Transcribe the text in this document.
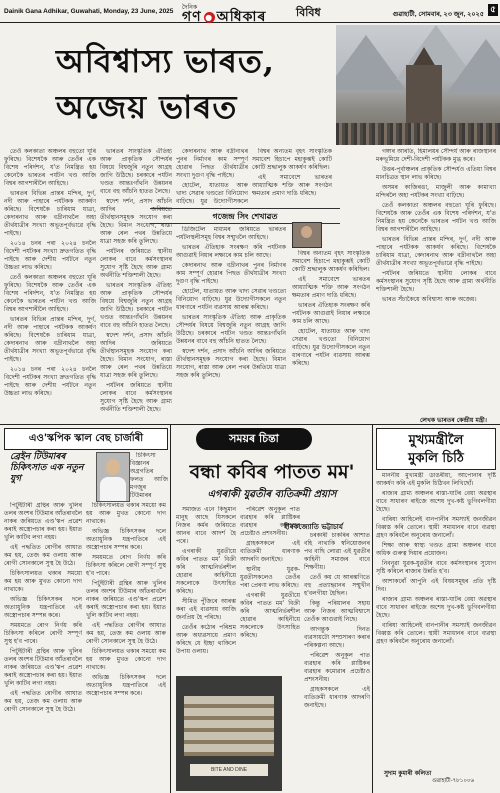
Dainik Gana Adhikar, Guwahati, Monday, 23 June, 2025
দৈনিক
গণ ● অধিকাৰ	বিবিধ	গুৱাহাটী, সোমবাৰ, ২৩ জুন, ২০২৫ ৫
অবিশ্বাস্য ভাৰত,
অজেয় ভাৰত

তেওঁ কলকাতা অঞ্চলৰ বহুতো ঘূৰি ফুৰিছে। বিশেষকৈ আৰু তেওঁৰ এক বিশেষ পৰিৰ্দশন, য'ত নিমন্ত্ৰিত হয় কেনেকৈ ভাৰতৰ পৰ্যটন খণ্ড আজি বিশ্বৰ আগশাৰীলৈ আহিছে।

ভাৰতৰ বিভিন্ন প্ৰান্তৰ মন্দিৰ, দুৰ্গ, নদী আৰু পাহাৰে পৰ্যটকক আকৰ্ষণ কৰিছে। বিশেষকৈ চাৰিধাম যাত্ৰা, কেদাৰনাথ আৰু বদ্ৰীনাথলৈ অহা তীৰ্থযাত্ৰীৰ সংখ্যা অভূতপূৰ্বভাৱে বৃদ্ধি পাইছে।

২০১৪ চনৰ পৰা ২০২৪ চনলৈ বিদেশী পৰ্যটকৰ সংখ্যা দ্ৰুতগতিত বৃদ্ধি পাইছে আৰু দেশীয় পৰ্যটনে নতুন উচ্চতা লাভ কৰিছে।

তেওঁ কলকাতা অঞ্চলৰ বহুতো ঘূৰি ফুৰিছে। বিশেষকৈ আৰু তেওঁৰ এক বিশেষ পৰিৰ্দশন, য'ত নিমন্ত্ৰিত হয় কেনেকৈ ভাৰতৰ পৰ্যটন খণ্ড আজি বিশ্বৰ আগশাৰীলৈ আহিছে।

ভাৰতৰ বিভিন্ন প্ৰান্তৰ মন্দিৰ, দুৰ্গ, নদী আৰু পাহাৰে পৰ্যটকক আকৰ্ষণ কৰিছে। বিশেষকৈ চাৰিধাম যাত্ৰা, কেদাৰনাথ আৰু বদ্ৰীনাথলৈ অহা তীৰ্থযাত্ৰীৰ সংখ্যা অভূতপূৰ্বভাৱে বৃদ্ধি পাইছে।

২০১৪ চনৰ পৰা ২০২৪ চনলৈ বিদেশী পৰ্যটকৰ সংখ্যা দ্ৰুতগতিত বৃদ্ধি পাইছে আৰু দেশীয় পৰ্যটনে নতুন উচ্চতা লাভ কৰিছে।

ভাৰতৰ সাংস্কৃতিক ঐতিহ্য আৰু প্ৰাকৃতিক সৌন্দৰ্যৰ বিষয়ে বিশ্বজুৰি নতুন আগ্ৰহ জাগি উঠিছে। চৰকাৰে পৰ্যটন খণ্ডত আন্তঃগাঁথনি উন্নয়নৰ বাবে বহু আঁচনি হাতত লৈছে।

স্বদেশ দৰ্শন, প্ৰসাদ আঁচনি আদিৰ জৰিয়তে তীৰ্থস্থানসমূহক সংযোগ কৰা হৈছে। বিমান সংযোগ, ৰাস্তা আৰু ৰেল পথৰ উন্নতিয়ে যাত্ৰা সহজ কৰি তুলিছে।

পৰ্যটনৰ জৰিয়তে স্থানীয় লোকৰ বাবে কৰ্মসংস্থানৰ সুযোগ সৃষ্টি হৈছে আৰু গ্ৰাম্য অৰ্থনীতি শক্তিশালী হৈছে।

ভাৰতৰ সাংস্কৃতিক ঐতিহ্য আৰু প্ৰাকৃতিক সৌন্দৰ্যৰ বিষয়ে বিশ্বজুৰি নতুন আগ্ৰহ জাগি উঠিছে। চৰকাৰে পৰ্যটন খণ্ডত আন্তঃগাঁথনি উন্নয়নৰ বাবে বহু আঁচনি হাতত লৈছে।

স্বদেশ দৰ্শন, প্ৰসাদ আঁচনি আদিৰ জৰিয়তে তীৰ্থস্থানসমূহক সংযোগ কৰা হৈছে। বিমান সংযোগ, ৰাস্তা আৰু ৰেল পথৰ উন্নতিয়ে যাত্ৰা সহজ কৰি তুলিছে।

পৰ্যটনৰ জৰিয়তে স্থানীয় লোকৰ বাবে কৰ্মসংস্থানৰ সুযোগ সৃষ্টি হৈছে আৰু গ্ৰাম্য অৰ্থনীতি শক্তিশালী হৈছে।

কেদাৰনাথ আৰু বদ্ৰীনাথৰ পুনৰ নিৰ্মাণৰ কাম সম্পূৰ্ণ হোৱাৰ পিছত তীৰ্থযাত্ৰীৰ সংখ্যা দুগুণ বৃদ্ধি পাইছে।

হোটেল, যাতায়ত আৰু খাদ্য সেৱাৰ খণ্ডতো বিনিয়োগ বাঢ়িছে। যুৱ উদ্যোগীসকলে

বিশ্বৰ অন্যতম বৃহৎ সাংস্কৃতিক সমাবেশ হিচাপে মহাকুম্ভই কোটি কোটি শ্ৰদ্ধালুক আকৰ্ষণ কৰিছিল।

এই সমাবেশে ভাৰতৰ আধ্যাত্মিক শক্তি আৰু সংগঠন ক্ষমতাৰ প্ৰমাণ দাঙি ধৰিছে।

গজেন্দ্ৰ সিং শেখাৱত

ডিজিটেল মাধ্যমৰ জৰিয়তে ভাৰতৰ পৰ্যটনস্থলীসমূহ বিশ্বৰ সন্মুখলৈ আহিছে।

ভাৰতৰ ঐতিহ্যক সংৰক্ষণ কৰি পৰ্যটনক আগুৱাই নিয়াৰ লক্ষ্যৰে কাম চলি আছে।

কেদাৰনাথ আৰু বদ্ৰীনাথৰ পুনৰ নিৰ্মাণৰ কাম সম্পূৰ্ণ হোৱাৰ পিছত তীৰ্থযাত্ৰীৰ সংখ্যা দুগুণ বৃদ্ধি পাইছে।

হোটেল, যাতায়ত আৰু খাদ্য সেৱাৰ খণ্ডতো বিনিয়োগ বাঢ়িছে। যুৱ উদ্যোগীসকলে নতুন ধাৰণাৰে পৰ্যটন ব্যৱসায় আৰম্ভ কৰিছে।

ভাৰতৰ সাংস্কৃতিক ঐতিহ্য আৰু প্ৰাকৃতিক সৌন্দৰ্যৰ বিষয়ে বিশ্বজুৰি নতুন আগ্ৰহ জাগি উঠিছে। চৰকাৰে পৰ্যটন খণ্ডত আন্তঃগাঁথনি উন্নয়নৰ বাবে বহু আঁচনি হাতত লৈছে।

স্বদেশ দৰ্শন, প্ৰসাদ আঁচনি আদিৰ জৰিয়তে তীৰ্থস্থানসমূহক সংযোগ কৰা হৈছে। বিমান সংযোগ, ৰাস্তা আৰু ৰেল পথৰ উন্নতিয়ে যাত্ৰা সহজ কৰি তুলিছে।

বিশ্বৰ অন্যতম বৃহৎ সাংস্কৃতিক সমাবেশ হিচাপে মহাকুম্ভই কোটি কোটি শ্ৰদ্ধালুক আকৰ্ষণ কৰিছিল।

এই সমাবেশে ভাৰতৰ আধ্যাত্মিক শক্তি আৰু সংগঠন ক্ষমতাৰ প্ৰমাণ দাঙি ধৰিছে।

ভাৰতৰ ঐতিহ্যক সংৰক্ষণ কৰি পৰ্যটনক আগুৱাই নিয়াৰ লক্ষ্যৰে কাম চলি আছে।

হোটেল, যাতায়ত আৰু খাদ্য সেৱাৰ খণ্ডতো বিনিয়োগ বাঢ়িছে। যুৱ উদ্যোগীসকলে নতুন ধাৰণাৰে পৰ্যটন ব্যৱসায় আৰম্ভ কৰিছে।

গঙ্গাৰ আৰতি, হিমালয়ৰ সৌন্দৰ্য আৰু ৰাজস্থানৰ মৰুভূমিয়ে দেশী-বিদেশী পৰ্যটকক মুগ্ধ কৰে।

উত্তৰ-পূৰ্বাঞ্চলৰ প্ৰাকৃতিক সৌন্দৰ্যও এতিয়া বিশ্বৰ মানচিত্ৰত স্থান লাভ কৰিছে।

অসমৰ কাজিৰঙা, মাজুলী আৰু কামাখ্যা মন্দিৰলৈ অহা পৰ্যটকৰ সংখ্যা বাঢ়িছে।

তেওঁ কলকাতা অঞ্চলৰ বহুতো ঘূৰি ফুৰিছে। বিশেষকৈ আৰু তেওঁৰ এক বিশেষ পৰিৰ্দশন, য'ত নিমন্ত্ৰিত হয় কেনেকৈ ভাৰতৰ পৰ্যটন খণ্ড আজি বিশ্বৰ আগশাৰীলৈ আহিছে।

ভাৰতৰ বিভিন্ন প্ৰান্তৰ মন্দিৰ, দুৰ্গ, নদী আৰু পাহাৰে পৰ্যটকক আকৰ্ষণ কৰিছে। বিশেষকৈ চাৰিধাম যাত্ৰা, কেদাৰনাথ আৰু বদ্ৰীনাথলৈ অহা তীৰ্থযাত্ৰীৰ সংখ্যা অভূতপূৰ্বভাৱে বৃদ্ধি পাইছে।

পৰ্যটনৰ জৰিয়তে স্থানীয় লোকৰ বাবে কৰ্মসংস্থানৰ সুযোগ সৃষ্টি হৈছে আৰু গ্ৰাম্য অৰ্থনীতি শক্তিশালী হৈছে।

ভাৰত সঁচাকৈয়ে অবিশ্বাস্য আৰু অজেয়।

লেখক ভাৰতৰ কেন্দ্ৰীয় মন্ত্ৰী।
এও'স্কপিক স্কাল বেছ চাৰ্জাৰী
ব্ৰেইন টিউমাৰৰ চিকিৎসাত এক নতুন যুগ

চিকিৎসা বিজ্ঞানৰ অগ্ৰগতিৰ ফলত আজি মগজুৰ টিউমাৰৰ

পিটুইটাৰী গ্ৰন্থিৰ আৰু খুলিৰ তলৰ অংশৰ টিউমাৰ আঁতৰাবলৈ নাকৰ জৰিয়তে এণ্ড'স্কপ প্ৰৱেশ কৰাই অস্ত্ৰোপচাৰ কৰা হয়। ইয়াত খুলি কাটিব লগা নহয়।

এই পদ্ধতিত ৰোগীৰ আঘাত কম হয়, তেজ কম ওলায় আৰু ৰোগী সোনকালে সুস্থ হৈ উঠে।

চিকিৎসালয়ত থকাৰ সময়ো কম হয় আৰু মুখত কোনো দাগ নাথাকে।

অভিজ্ঞ চিকিৎসকৰ দলে অত্যাধুনিক যন্ত্ৰপাতিৰে এই অস্ত্ৰোপচাৰ সম্পন্ন কৰে।

সময়মতে ৰোগ নিৰ্ণয় কৰি চিকিৎসা কৰিলে ৰোগী সম্পূৰ্ণ সুস্থ হ'ব পাৰে।

পিটুইটাৰী গ্ৰন্থিৰ আৰু খুলিৰ তলৰ অংশৰ টিউমাৰ আঁতৰাবলৈ নাকৰ জৰিয়তে এণ্ড'স্কপ প্ৰৱেশ কৰাই অস্ত্ৰোপচাৰ কৰা হয়। ইয়াত খুলি কাটিব লগা নহয়।

এই পদ্ধতিত ৰোগীৰ আঘাত কম হয়, তেজ কম ওলায় আৰু ৰোগী সোনকালে সুস্থ হৈ উঠে।

চিকিৎসালয়ত থকাৰ সময়ো কম হয় আৰু মুখত কোনো দাগ নাথাকে।

অভিজ্ঞ চিকিৎসকৰ দলে অত্যাধুনিক যন্ত্ৰপাতিৰে এই অস্ত্ৰোপচাৰ সম্পন্ন কৰে।

সময়মতে ৰোগ নিৰ্ণয় কৰি চিকিৎসা কৰিলে ৰোগী সম্পূৰ্ণ সুস্থ হ'ব পাৰে।

পিটুইটাৰী গ্ৰন্থিৰ আৰু খুলিৰ তলৰ অংশৰ টিউমাৰ আঁতৰাবলৈ নাকৰ জৰিয়তে এণ্ড'স্কপ প্ৰৱেশ কৰাই অস্ত্ৰোপচাৰ কৰা হয়। ইয়াত খুলি কাটিব লগা নহয়।

এই পদ্ধতিত ৰোগীৰ আঘাত কম হয়, তেজ কম ওলায় আৰু ৰোগী সোনকালে সুস্থ হৈ উঠে।

চিকিৎসালয়ত থকাৰ সময়ো কম হয় আৰু মুখত কোনো দাগ নাথাকে।

অভিজ্ঞ চিকিৎসকৰ দলে অত্যাধুনিক যন্ত্ৰপাতিৰে এই অস্ত্ৰোপচাৰ সম্পন্ন কৰে।

সময়ৰ চিন্তা
বন্ধা কবিৰ পাতত মম'
এগৰাকী যুৱতীৰ ব্যতিক্ৰমী প্ৰয়াস

সমাজত এনে কিছুমান মানুহ আছে যিসকলে নিজৰ কৰ্মৰ জৰিয়তে আনৰ বাবে আদৰ্শ হৈ পৰে।

এগৰাকী যুৱতীয়ে কবিৰ পাতত মম' বিক্ৰী কৰি আত্মনিৰ্ভৰশীল হোৱাৰ কাহিনীয়ে সকলোকে উৎসাহিত কৰিছে।

সীমিত পুঁজিৰে আৰম্ভ কৰা এই ব্যৱসায় আজি জনপ্ৰিয় হৈ পৰিছে।

তেওঁৰ কঠোৰ পৰিশ্ৰম আৰু অধ্যৱসায়ে প্ৰমাণ কৰিছে যে ইচ্ছা থাকিলে উপায় ওলায়।

পৰিৱেশ অনুকূল পাত ব্যৱহাৰ কৰি প্লাষ্টিকৰ ব্যৱহাৰ কমোৱাৰ প্ৰচেষ্টাও প্ৰশংসনীয়।

গ্ৰাহকসকলে এই ব্যতিক্ৰমী ধাৰণাক আদৰণি জনাইছে।

স্থানীয় যুৱক-যুৱতীসকলেও তেওঁৰ পৰা প্ৰেৰণা লাভ কৰিছে।

এগৰাকী যুৱতীয়ে কবিৰ পাতত মম' বিক্ৰী কৰি আত্মনিৰ্ভৰশীল হোৱাৰ কাহিনীয়ে সকলোকে উৎসাহিত কৰিছে।

হীৰকজ্যোতি ভট্টাচাৰ্য

চৰকাৰী চাকৰিৰ আশাত বহি নাথাকি স্বনিয়োজনৰ পথ বাছি লোৱা এই যুৱতীৰ কাহিনী সমাজৰ বাবে শিক্ষণীয়।

তেওঁ কয় যে আৰম্ভণিতে বহু প্ৰত্যাহ্বানৰ সন্মুখীন হ'বলগীয়া হৈছিল।

কিন্তু পৰিয়ালৰ সহায় আৰু নিজৰ আত্মবিশ্বাসে তেওঁক আগুৱাই নিছে।

আগন্তুক দিনত ব্যৱসায়টো সম্প্ৰসাৰণ কৰাৰ পৰিকল্পনা আছে।

পৰিৱেশ অনুকূল পাত ব্যৱহাৰ কৰি প্লাষ্টিকৰ ব্যৱহাৰ কমোৱাৰ প্ৰচেষ্টাও প্ৰশংসনীয়।

গ্ৰাহকসকলে এই ব্যতিক্ৰমী ধাৰণাক আদৰণি জনাইছে।

BITE AND DINE
মুখ্যমন্ত্ৰীলৈ
মুকলি চিঠি

মাননীয় মুখ্যমন্ত্ৰী ডাঙৰীয়া, আপোনাৰ দৃষ্টি আকৰ্ষণ কৰি এই মুকলি চিঠিখন লিখিছোঁ।

ৰাজ্যৰ গ্ৰাম্য অঞ্চলৰ ৰাস্তা-ঘাটৰ বেয়া অৱস্থাৰ বাবে সাধাৰণ ৰাইজে অশেষ দুখ-কষ্ট ভুগিবলগীয়া হৈছে।

বাৰিষা আহিলেই বানপানীৰ সমস্যাই জনজীৱন বিধ্বস্ত কৰি তোলে। স্থায়ী সমাধানৰ বাবে ব্যৱস্থা গ্ৰহণ কৰিবলৈ অনুৰোধ জনালোঁ।

শিক্ষা আৰু স্বাস্থ্য খণ্ডত গ্ৰাম্য অঞ্চলৰ বাবে অধিক গুৰুত্ব দিয়াৰ প্ৰয়োজন।

নিবনুৱা যুৱক-যুৱতীৰ বাবে কৰ্মসংস্থানৰ সুযোগ সৃষ্টি কৰিলে ৰাজ্যৰ উন্নতি হ'ব।

আশাকৰোঁ আপুনি এই বিষয়সমূহৰ প্ৰতি দৃষ্টি দিব।

ৰাজ্যৰ গ্ৰাম্য অঞ্চলৰ ৰাস্তা-ঘাটৰ বেয়া অৱস্থাৰ বাবে সাধাৰণ ৰাইজে অশেষ দুখ-কষ্ট ভুগিবলগীয়া হৈছে।

বাৰিষা আহিলেই বানপানীৰ সমস্যাই জনজীৱন বিধ্বস্ত কৰি তোলে। স্থায়ী সমাধানৰ বাবে ব্যৱস্থা গ্ৰহণ কৰিবলৈ অনুৰোধ জনালোঁ।

সুদাম কুমাৰী কলিতা
গুৱাহাটী-৭৮১০০৬
